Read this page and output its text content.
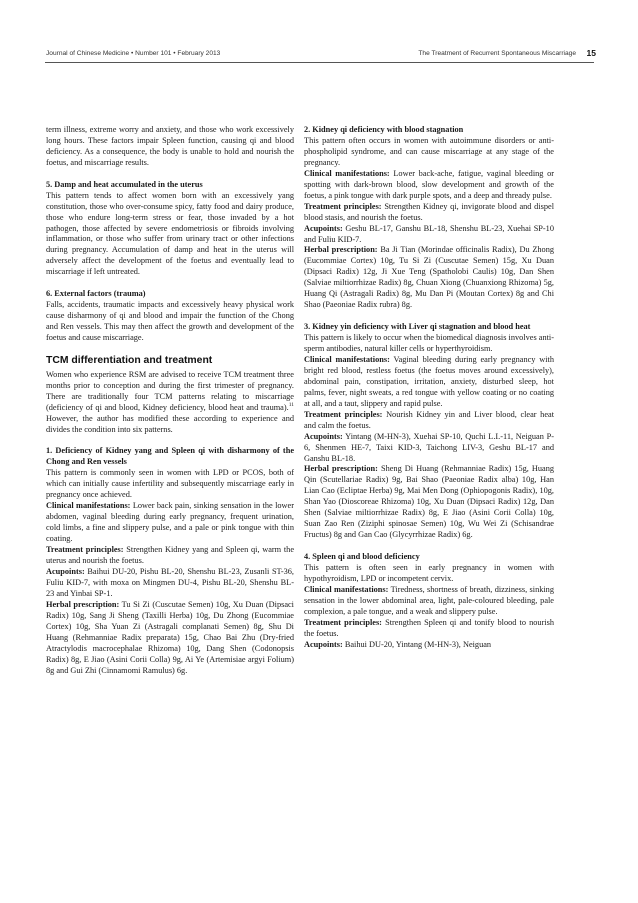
Journal of Chinese Medicine • Number 101 • February 2013	The Treatment of Recurrent Spontaneous Miscarriage 15

term illness, extreme worry and anxiety, and those who work excessively long hours. These factors impair Spleen function, causing qi and blood deficiency. As a consequence, the body is unable to hold and nourish the foetus, and miscarriage results.

5. Damp and heat accumulated in the uterus
This pattern tends to affect women born with an excessively yang constitution, those who over-consume spicy, fatty food and dairy produce, those who endure long-term stress or fear, those invaded by a hot pathogen, those affected by severe endometriosis or fibroids involving inflammation, or those who suffer from urinary tract or other infections during pregnancy. Accumulation of damp and heat in the uterus will adversely affect the development of the foetus and eventually lead to miscarriage if left untreated.

6. External factors (trauma)
Falls, accidents, traumatic impacts and excessively heavy physical work cause disharmony of qi and blood and impair the function of the Chong and Ren vessels. This may then affect the growth and development of the foetus and cause miscarriage.

TCM differentiation and treatment

Women who experience RSM are advised to receive TCM treatment three months prior to conception and during the first trimester of pregnancy. There are traditionally four TCM patterns relating to miscarriage (deficiency of qi and blood, Kidney deficiency, blood heat and trauma).$^{11}$ However, the author has modified these according to experience and divides the condition into six patterns.

1. Deficiency of Kidney yang and Spleen qi with disharmony of the Chong and Ren vessels
This pattern is commonly seen in women with LPD or PCOS, both of which can initially cause infertility and subsequently miscarriage early in pregnancy once achieved.
Clinical manifestations: Lower back pain, sinking sensation in the lower abdomen, vaginal bleeding during early pregnancy, frequent urination, cold limbs, a fine and slippery pulse, and a pale or pink tongue with thin coating.
Treatment principles: Strengthen Kidney yang and Spleen qi, warm the uterus and nourish the foetus.
Acupoints: Baihui DU-20, Pishu BL-20, Shenshu BL-23, Zusanli ST-36, Fuliu KID-7, with moxa on Mingmen DU-4, Pishu BL-20, Shenshu BL-23 and Yinbai SP-1.
Herbal prescription: Tu Si Zi (Cuscutae Semen) 10g, Xu Duan (Dipsaci Radix) 10g, Sang Ji Sheng (Taxilli Herba) 10g, Du Zhong (Eucommiae Cortex) 10g, Sha Yuan Zi (Astragali complanati Semen) 8g, Shu Di Huang (Rehmanniae Radix preparata) 15g, Chao Bai Zhu (Dry-fried Atractylodis macrocephalae Rhizoma) 10g, Dang Shen (Codonopsis Radix) 8g, E Jiao (Asini Corii Colla) 9g, Ai Ye (Artemisiae argyi Folium) 8g and Gui Zhi (Cinnamomi Ramulus) 6g.

2. Kidney qi deficiency with blood stagnation
This pattern often occurs in women with autoimmune disorders or anti-phospholipid syndrome, and can cause miscarriage at any stage of the pregnancy.
Clinical manifestations: Lower back-ache, fatigue, vaginal bleeding or spotting with dark-brown blood, slow development and growth of the foetus, a pink tongue with dark purple spots, and a deep and thready pulse.
Treatment principles: Strengthen Kidney qi, invigorate blood and dispel blood stasis, and nourish the foetus.
Acupoints: Geshu BL-17, Ganshu BL-18, Shenshu BL-23, Xuehai SP-10 and Fuliu KID-7.
Herbal prescription: Ba Ji Tian (Morindae officinalis Radix), Du Zhong (Eucommiae Cortex) 10g, Tu Si Zi (Cuscutae Semen) 15g, Xu Duan (Dipsaci Radix) 12g, Ji Xue Teng (Spatholobi Caulis) 10g, Dan Shen (Salviae miltiorrhizae Radix) 8g, Chuan Xiong (Chuanxiong Rhizoma) 5g, Huang Qi (Astragali Radix) 8g, Mu Dan Pi (Moutan Cortex) 8g and Chi Shao (Paeoniae Radix rubra) 8g.

3. Kidney yin deficiency with Liver qi stagnation and blood heat
This pattern is likely to occur when the biomedical diagnosis involves anti-sperm antibodies, natural killer cells or hyperthyroidism.
Clinical manifestations: Vaginal bleeding during early pregnancy with bright red blood, restless foetus (the foetus moves around excessively), abdominal pain, constipation, irritation, anxiety, disturbed sleep, hot palms, fever, night sweats, a red tongue with yellow coating or no coating at all, and a taut, slippery and rapid pulse.
Treatment principles: Nourish Kidney yin and Liver blood, clear heat and calm the foetus.
Acupoints: Yintang (M-HN-3), Xuehai SP-10, Quchi L.I.-11, Neiguan P-6, Shenmen HE-7, Taixi KID-3, Taichong LIV-3, Geshu BL-17 and Ganshu BL-18.
Herbal prescription: Sheng Di Huang (Rehmanniae Radix) 15g, Huang Qin (Scutellariae Radix) 9g, Bai Shao (Paeoniae Radix alba) 10g, Han Lian Cao (Ecliptae Herba) 9g, Mai Men Dong (Ophiopogonis Radix), 10g, Shan Yao (Dioscoreae Rhizoma) 10g, Xu Duan (Dipsaci Radix) 12g, Dan Shen (Salviae miltiorrhizae Radix) 8g, E Jiao (Asini Corii Colla) 10g, Suan Zao Ren (Ziziphi spinosae Semen) 10g, Wu Wei Zi (Schisandrae Fructus) 8g and Gan Cao (Glycyrrhizae Radix) 6g.

4. Spleen qi and blood deficiency
This pattern is often seen in early pregnancy in women with hypothyroidism, LPD or incompetent cervix.
Clinical manifestations: Tiredness, shortness of breath, dizziness, sinking sensation in the lower abdominal area, light, pale-coloured bleeding, pale complexion, a pale tongue, and a weak and slippery pulse.
Treatment principles: Strengthen Spleen qi and tonify blood to nourish the foetus.
Acupoints: Baihui DU-20, Yintang (M-HN-3), Neiguan
